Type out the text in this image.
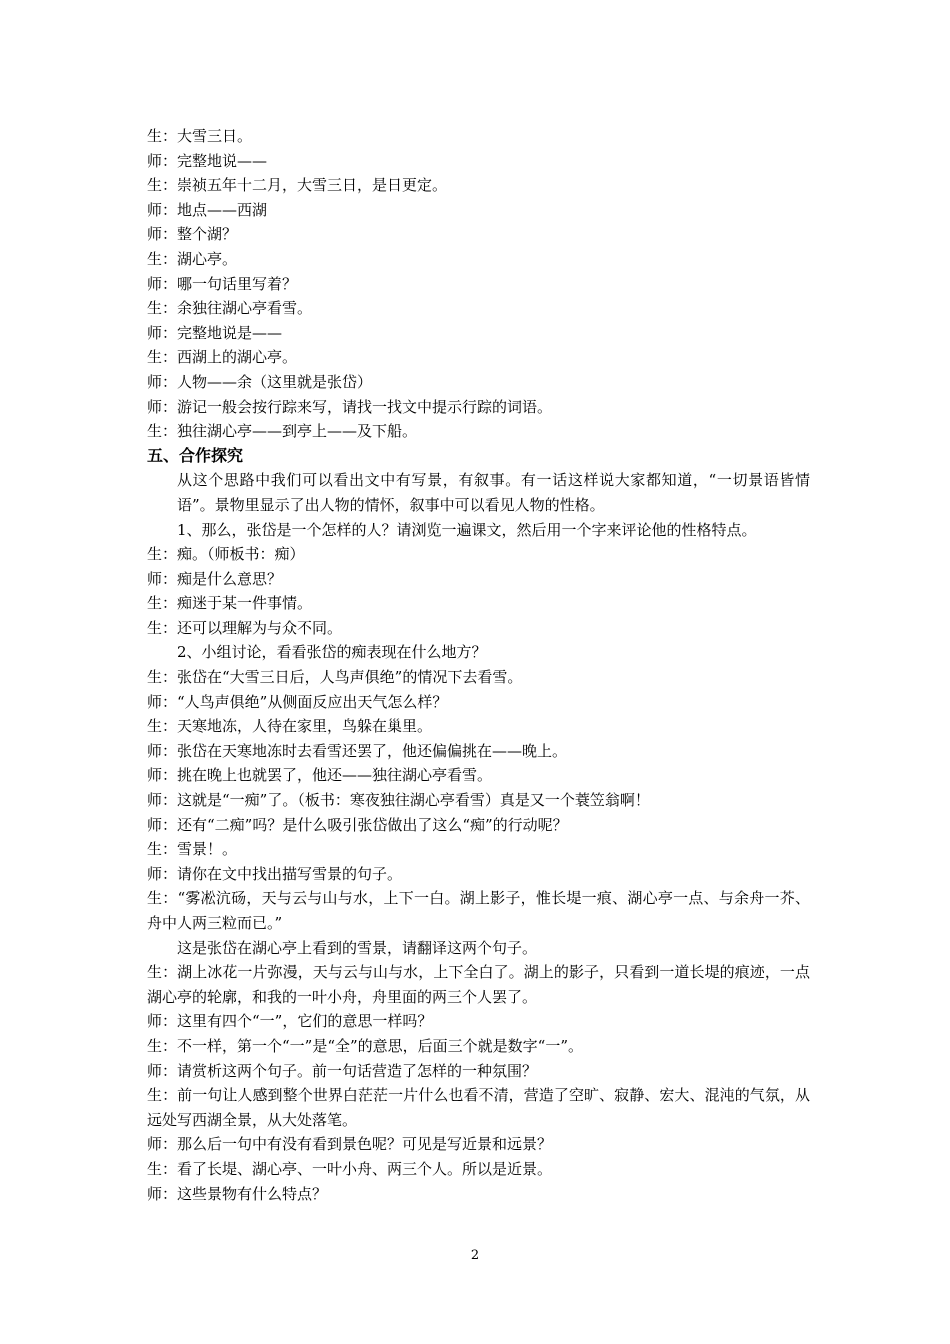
生：大雪三日。
师：完整地说——
生：崇祯五年十二月，大雪三日，是日更定。
师：地点——西湖
师：整个湖？
生：湖心亭。
师：哪一句话里写着？
生：余独往湖心亭看雪。
师：完整地说是——
生：西湖上的湖心亭。
师：人物——余（这里就是张岱）
师：游记一般会按行踪来写，请找一找文中提示行踪的词语。
生：独往湖心亭——到亭上——及下船。
五、合作探究
从这个思路中我们可以看出文中有写景，有叙事。有一话这样说大家都知道，“一切景语皆情语”。景物里显示了出人物的情怀，叙事中可以看见人物的性格。
1、那么，张岱是一个怎样的人？请浏览一遍课文，然后用一个字来评论他的性格特点。
生：痴。（师板书：痴）
师：痴是什么意思？
生：痴迷于某一件事情。
生：还可以理解为与众不同。
2、小组讨论，看看张岱的痴表现在什么地方？
生：张岱在“大雪三日后，人鸟声俱绝”的情况下去看雪。
师：“人鸟声俱绝”从侧面反应出天气怎么样？
生：天寒地冻，人待在家里，鸟躲在巢里。
师：张岱在天寒地冻时去看雪还罢了，他还偏偏挑在——晚上。
师：挑在晚上也就罢了，他还——独往湖心亭看雪。
师：这就是“一痴”了。（板书：寒夜独往湖心亭看雪）真是又一个蓑笠翁啊！
师：还有“二痴”吗？是什么吸引张岱做出了这么“痴”的行动呢？
生：雪景！。
师：请你在文中找出描写雪景的句子。
生：“雾凇沆砀，天与云与山与水，上下一白。湖上影子，惟长堤一痕、湖心亭一点、与余舟一芥、舟中人两三粒而已。”
这是张岱在湖心亭上看到的雪景，请翻译这两个句子。
生：湖上冰花一片弥漫，天与云与山与水，上下全白了。湖上的影子，只看到一道长堤的痕迹，一点湖心亭的轮廓，和我的一叶小舟，舟里面的两三个人罢了。
师：这里有四个“一”，它们的意思一样吗？
生：不一样，第一个“一”是“全”的意思，后面三个就是数字“一”。
师：请赏析这两个句子。前一句话营造了怎样的一种氛围？
生：前一句让人感到整个世界白茫茫一片什么也看不清，营造了空旷、寂静、宏大、混沌的气氛，从远处写西湖全景，从大处落笔。
师：那么后一句中有没有看到景色呢？可见是写近景和远景？
生：看了长堤、湖心亭、一叶小舟、两三个人。所以是近景。
师：这些景物有什么特点？
2
